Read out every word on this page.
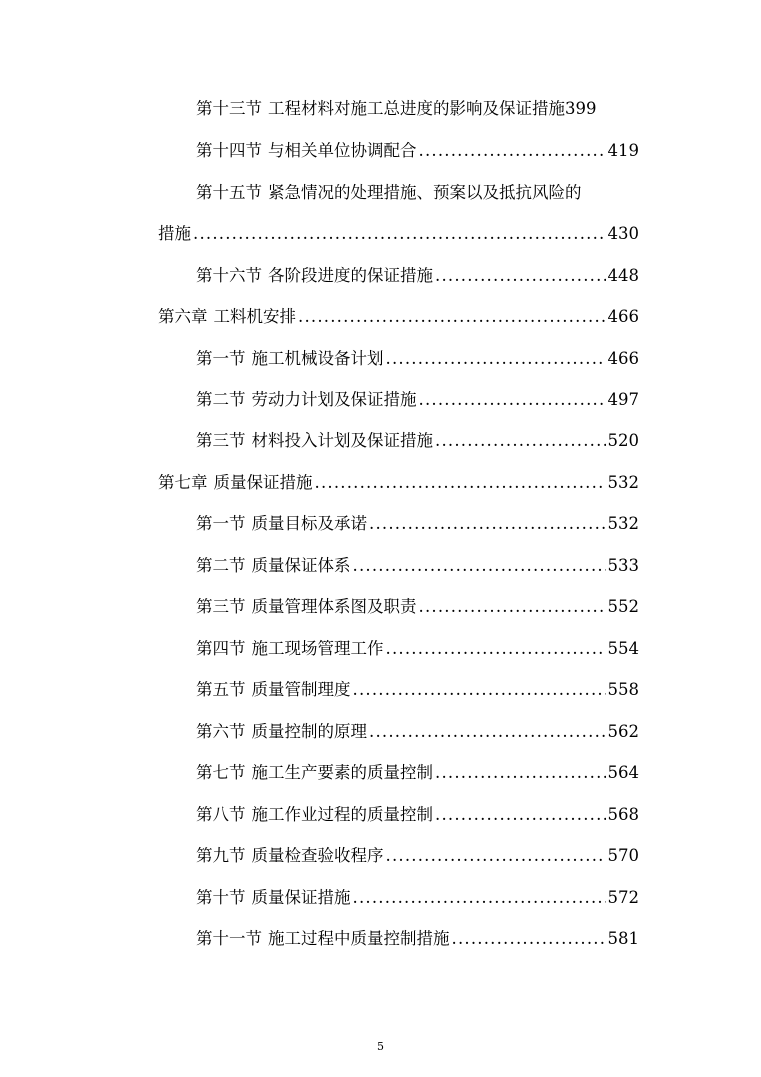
第十三节 工程材料对施工总进度的影响及保证措施 399
第十四节 与相关单位协调配合 .....	419
第十五节 紧急情况的处理措施、预案以及抵抗风险的
措施 .....	430
第十六节 各阶段进度的保证措施 .....	448
第六章 工料机安排 .....	466
第一节 施工机械设备计划 .....	466
第二节 劳动力计划及保证措施 .....	497
第三节 材料投入计划及保证措施 .....	520
第七章 质量保证措施 .....	532
第一节 质量目标及承诺 .....	532
第二节 质量保证体系 .....	533
第三节 质量管理体系图及职责 .....	552
第四节 施工现场管理工作 .....	554
第五节 质量管制理度 .....	558
第六节 质量控制的原理 .....	562
第七节 施工生产要素的质量控制 .....	564
第八节 施工作业过程的质量控制 .....	568
第九节 质量检查验收程序 .....	570
第十节 质量保证措施 .....	572
第十一节 施工过程中质量控制措施 .....	581
5
